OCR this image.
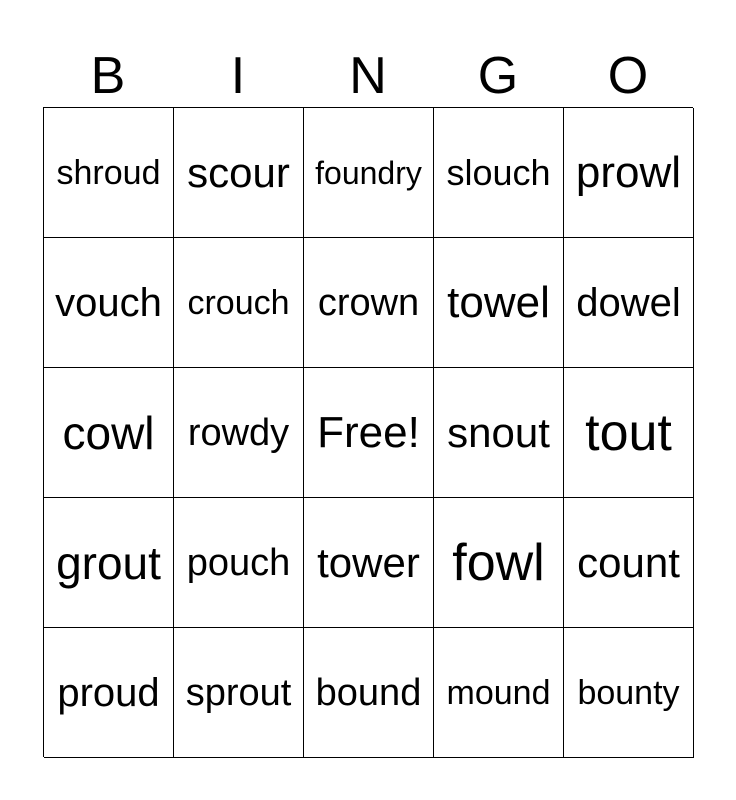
B	I	N	G	O
shroud scour foundry slouch prowl
vouch crouch crown towel dowel
cowl rowdy Free! snout tout
grout pouch tower fowl count
proud sprout bound mound bounty
